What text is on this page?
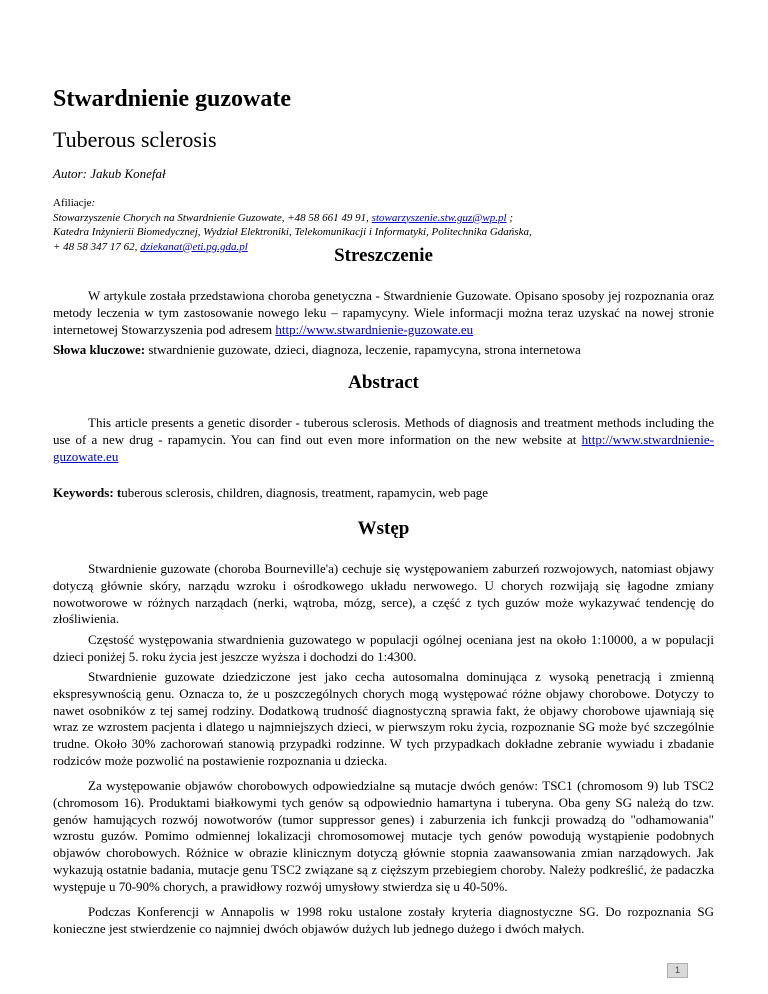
Stwardnienie guzowate
Tuberous sclerosis
Autor: Jakub Konefał
Afiliacje:
Stowarzyszenie Chorych na Stwardnienie Guzowate, +48 58 661 49 91, stowarzyszenie.stw.guz@wp.pl ;
Katedra Inżynierii Biomedycznej, Wydział Elektroniki, Telekomunikacji i Informatyki, Politechnika Gdańska,
+ 48 58 347 17 62, dziekanat@eti.pg.gda.pl	Streszczenie
W artykule została przedstawiona choroba genetyczna - Stwardnienie Guzowate. Opisano sposoby jej rozpoznania oraz metody leczenia w tym zastosowanie nowego leku – rapamycyny. Wiele informacji można teraz uzyskać na nowej stronie internetowej Stowarzyszenia pod adresem http://www.stwardnienie-guzowate.eu
Słowa kluczowe: stwardnienie guzowate, dzieci, diagnoza, leczenie, rapamycyna, strona internetowa
Abstract
This article presents a genetic disorder - tuberous sclerosis. Methods of diagnosis and treatment methods including the use of a new drug - rapamycin. You can find out even more information on the new website at http://www.stwardnienie-guzowate.eu
Keywords: tuberous sclerosis, children, diagnosis, treatment, rapamycin, web page
Wstęp
Stwardnienie guzowate (choroba Bourneville'a) cechuje się występowaniem zaburzeń rozwojowych, natomiast objawy dotyczą głównie skóry, narządu wzroku i ośrodkowego układu nerwowego. U chorych rozwijają się łagodne zmiany nowotworowe w różnych narządach (nerki, wątroba, mózg, serce), a część z tych guzów może wykazywać tendencję do złośliwienia.
Częstość występowania stwardnienia guzowatego w populacji ogólnej oceniana jest na około 1:10000, a w populacji dzieci poniżej 5. roku życia jest jeszcze wyższa i dochodzi do 1:4300.
Stwardnienie guzowate dziedziczone jest jako cecha autosomalna dominująca z wysoką penetracją i zmienną ekspresywnością genu. Oznacza to, że u poszczególnych chorych mogą występować różne objawy chorobowe. Dotyczy to nawet osobników z tej samej rodziny. Dodatkową trudność diagnostyczną sprawia fakt, że objawy chorobowe ujawniają się wraz ze wzrostem pacjenta i dlatego u najmniejszych dzieci, w pierwszym roku życia, rozpoznanie SG może być szczególnie trudne. Około 30% zachorowań stanowią przypadki rodzinne. W tych przypadkach dokładne zebranie wywiadu i zbadanie rodziców może pozwolić na postawienie rozpoznania u dziecka.
Za występowanie objawów chorobowych odpowiedzialne są mutacje dwóch genów: TSC1 (chromosom 9) lub TSC2 (chromosom 16). Produktami białkowymi tych genów są odpowiednio hamartyna i tuberyna. Oba geny SG należą do tzw. genów hamujących rozwój nowotworów (tumor suppressor genes) i zaburzenia ich funkcji prowadzą do "odhamowania" wzrostu guzów. Pomimo odmiennej lokalizacji chromosomowej mutacje tych genów powodują wystąpienie podobnych objawów chorobowych. Różnice w obrazie klinicznym dotyczą głównie stopnia zaawansowania zmian narządowych. Jak wykazują ostatnie badania, mutacje genu TSC2 związane są z cięższym przebiegiem choroby. Należy podkreślić, że padaczka występuje u 70-90% chorych, a prawidłowy rozwój umysłowy stwierdza się u 40-50%.
Podczas Konferencji w Annapolis w 1998 roku ustalone zostały kryteria diagnostyczne SG. Do rozpoznania SG konieczne jest stwierdzenie co najmniej dwóch objawów dużych lub jednego dużego i dwóch małych.
1
